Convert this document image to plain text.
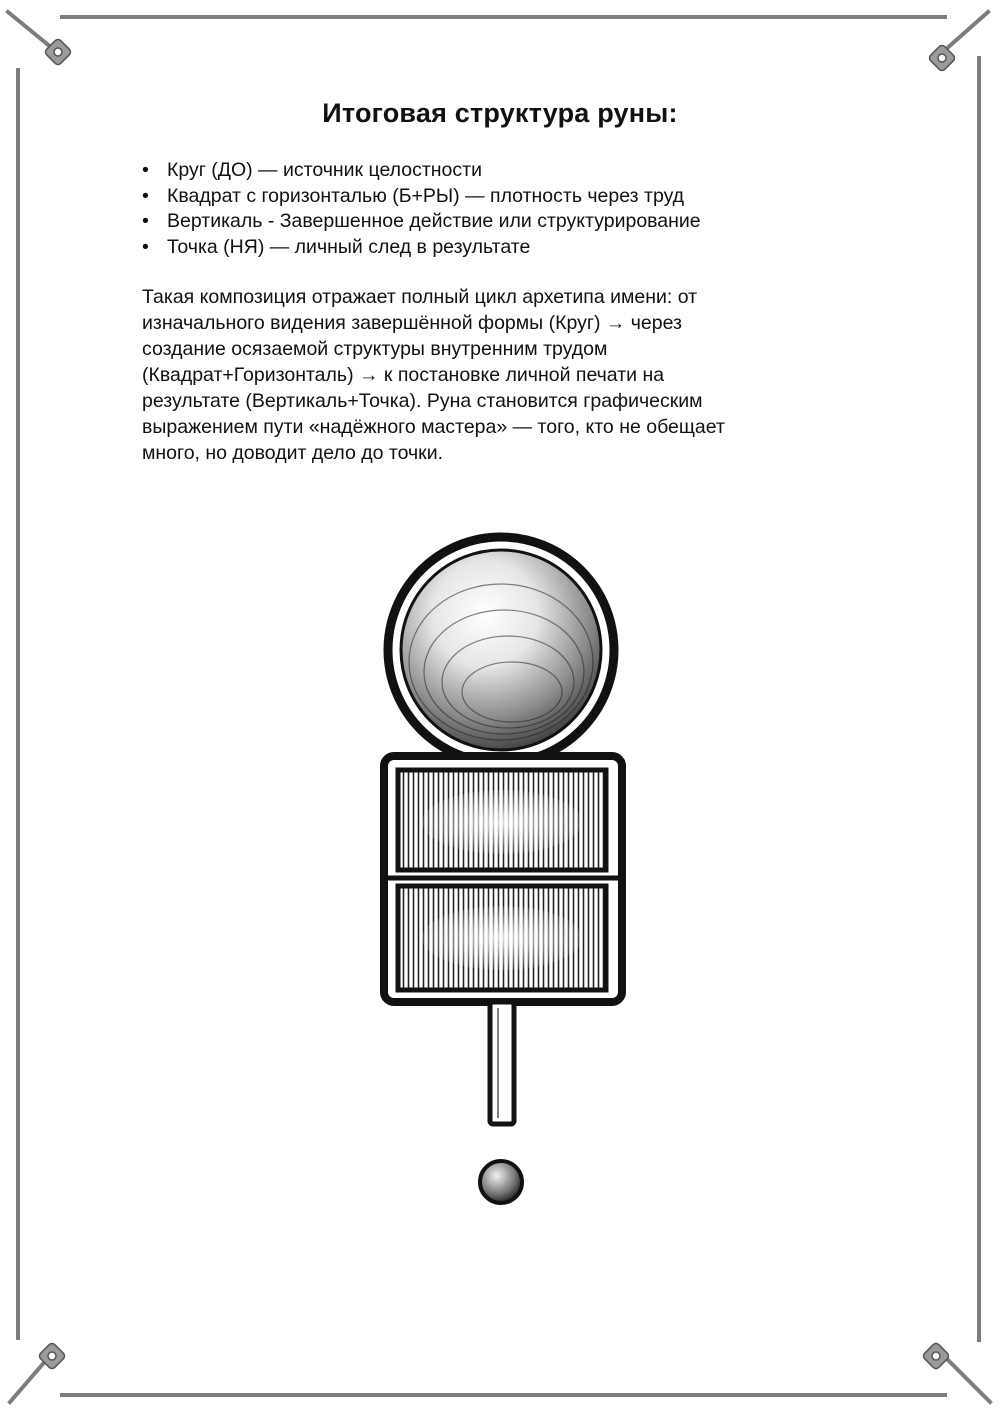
Итоговая структура руны:
• Круг (ДО) — источник целостности
• Квадрат с горизонталью (Б+РЫ) — плотность через труд
• Вертикаль - Завершенное действие или структурирование
• Точка (НЯ) — личный след в результате

Такая композиция отражает полный цикл архетипа имени: от
изначального видения завершённой формы (Круг) → через
создание осязаемой структуры внутренним трудом
(Квадрат+Горизонталь) → к постановке личной печати на
результате (Вертикаль+Точка). Руна становится графическим
выражением пути «надёжного мастера» — того, кто не обещает
много, но доводит дело до точки.
